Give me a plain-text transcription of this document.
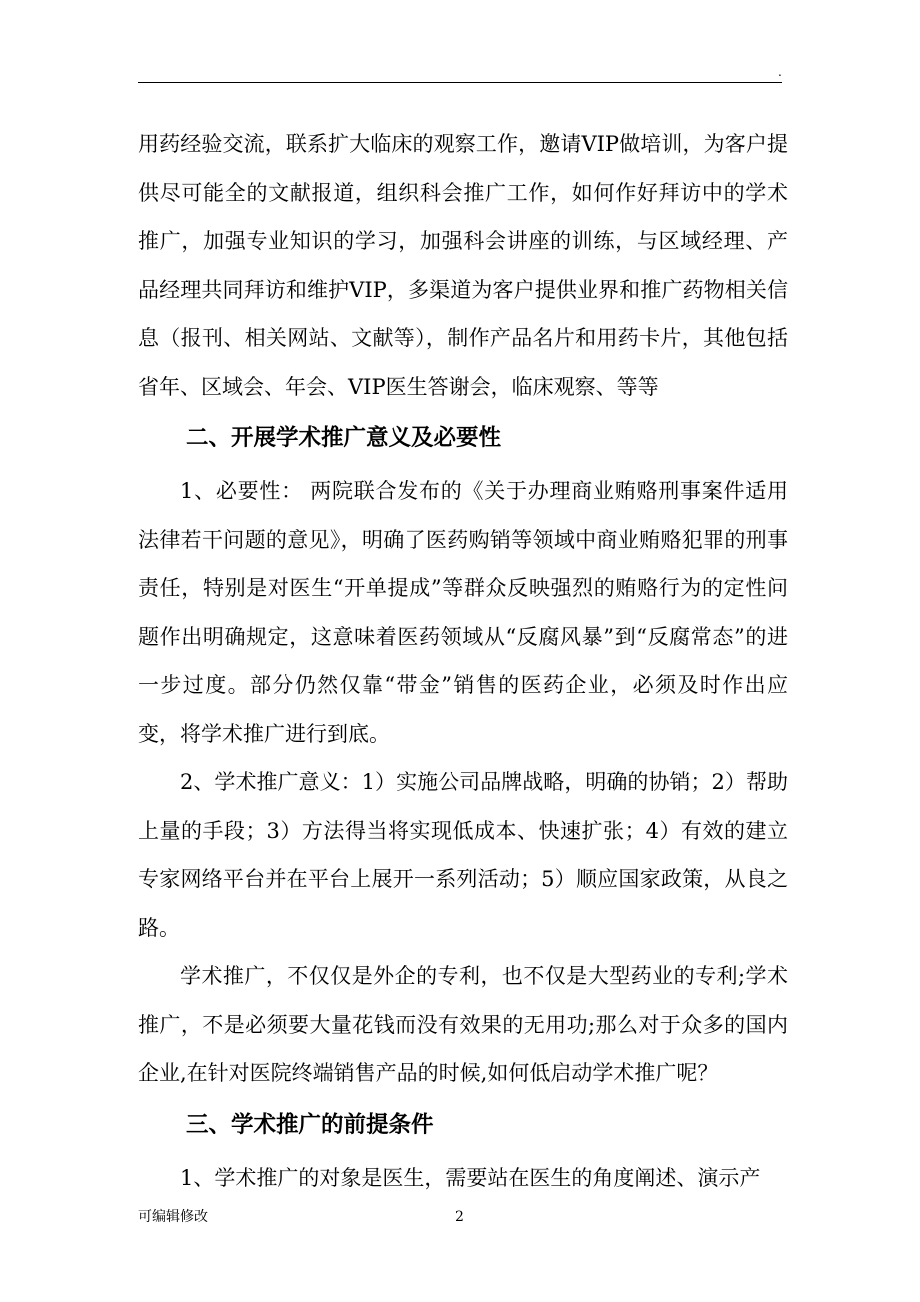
.

用药经验交流，联系扩大临床的观察工作，邀请VIP做培训，为客户提供尽可能全的文献报道，组织科会推广工作，如何作好拜访中的学术推广，加强专业知识的学习，加强科会讲座的训练，与区域经理、产品经理共同拜访和维护VIP，多渠道为客户提供业界和推广药物相关信息（报刊、相关网站、文献等），制作产品名片和用药卡片，其他包括省年、区域会、年会、VIP医生答谢会，临床观察、等等

二、开展学术推广意义及必要性

1、必要性： 两院联合发布的《关于办理商业贿赂刑事案件适用法律若干问题的意见》，明确了医药购销等领域中商业贿赂犯罪的刑事责任，特别是对医生“开单提成”等群众反映强烈的贿赂行为的定性问题作出明确规定，这意味着医药领域从“反腐风暴”到“反腐常态”的进一步过度。部分仍然仅靠“带金”销售的医药企业，必须及时作出应变，将学术推广进行到底。

2、学术推广意义：1）实施公司品牌战略，明确的协销；2）帮助上量的手段；3）方法得当将实现低成本、快速扩张；4）有效的建立专家网络平台并在平台上展开一系列活动；5）顺应国家政策，从良之路。

学术推广，不仅仅是外企的专利，也不仅是大型药业的专利;学术推广，不是必须要大量花钱而没有效果的无用功;那么对于众多的国内企业,在针对医院终端销售产品的时候,如何低启动学术推广呢？

三、学术推广的前提条件

1、学术推广的对象是医生，需要站在医生的角度阐述、演示产

可编辑修改	2
